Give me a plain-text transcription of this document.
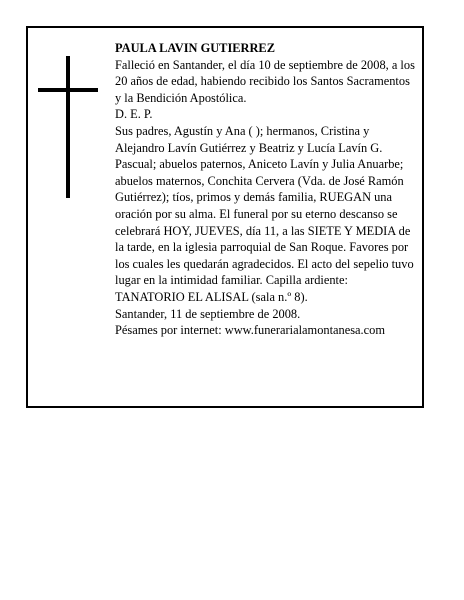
PAULA LAVIN GUTIERREZ

Falleció en Santander, el día 10 de septiembre de 2008, a los 20 años de edad, habiendo recibido los Santos Sacramentos y la Bendición Apostólica.

D. E. P.

Sus padres, Agustín y Ana ( ); hermanos, Cristina y Alejandro Lavín Gutiérrez y Beatriz y Lucía Lavín G. Pascual; abuelos paternos, Aniceto Lavín y Julia Anuarbe; abuelos maternos, Conchita Cervera (Vda. de José Ramón Gutiérrez); tíos, primos y demás familia, RUEGAN una oración por su alma. El funeral por su eterno descanso se celebrará HOY, JUEVES, día 11, a las SIETE Y MEDIA de la tarde, en la iglesia parroquial de San Roque. Favores por los cuales les quedarán agradecidos. El acto del sepelio tuvo lugar en la intimidad familiar. Capilla ardiente: TANATORIO EL ALISAL (sala n.º 8).

Santander, 11 de septiembre de 2008.

Pésames por internet: www.funerarialamontanesa.com
